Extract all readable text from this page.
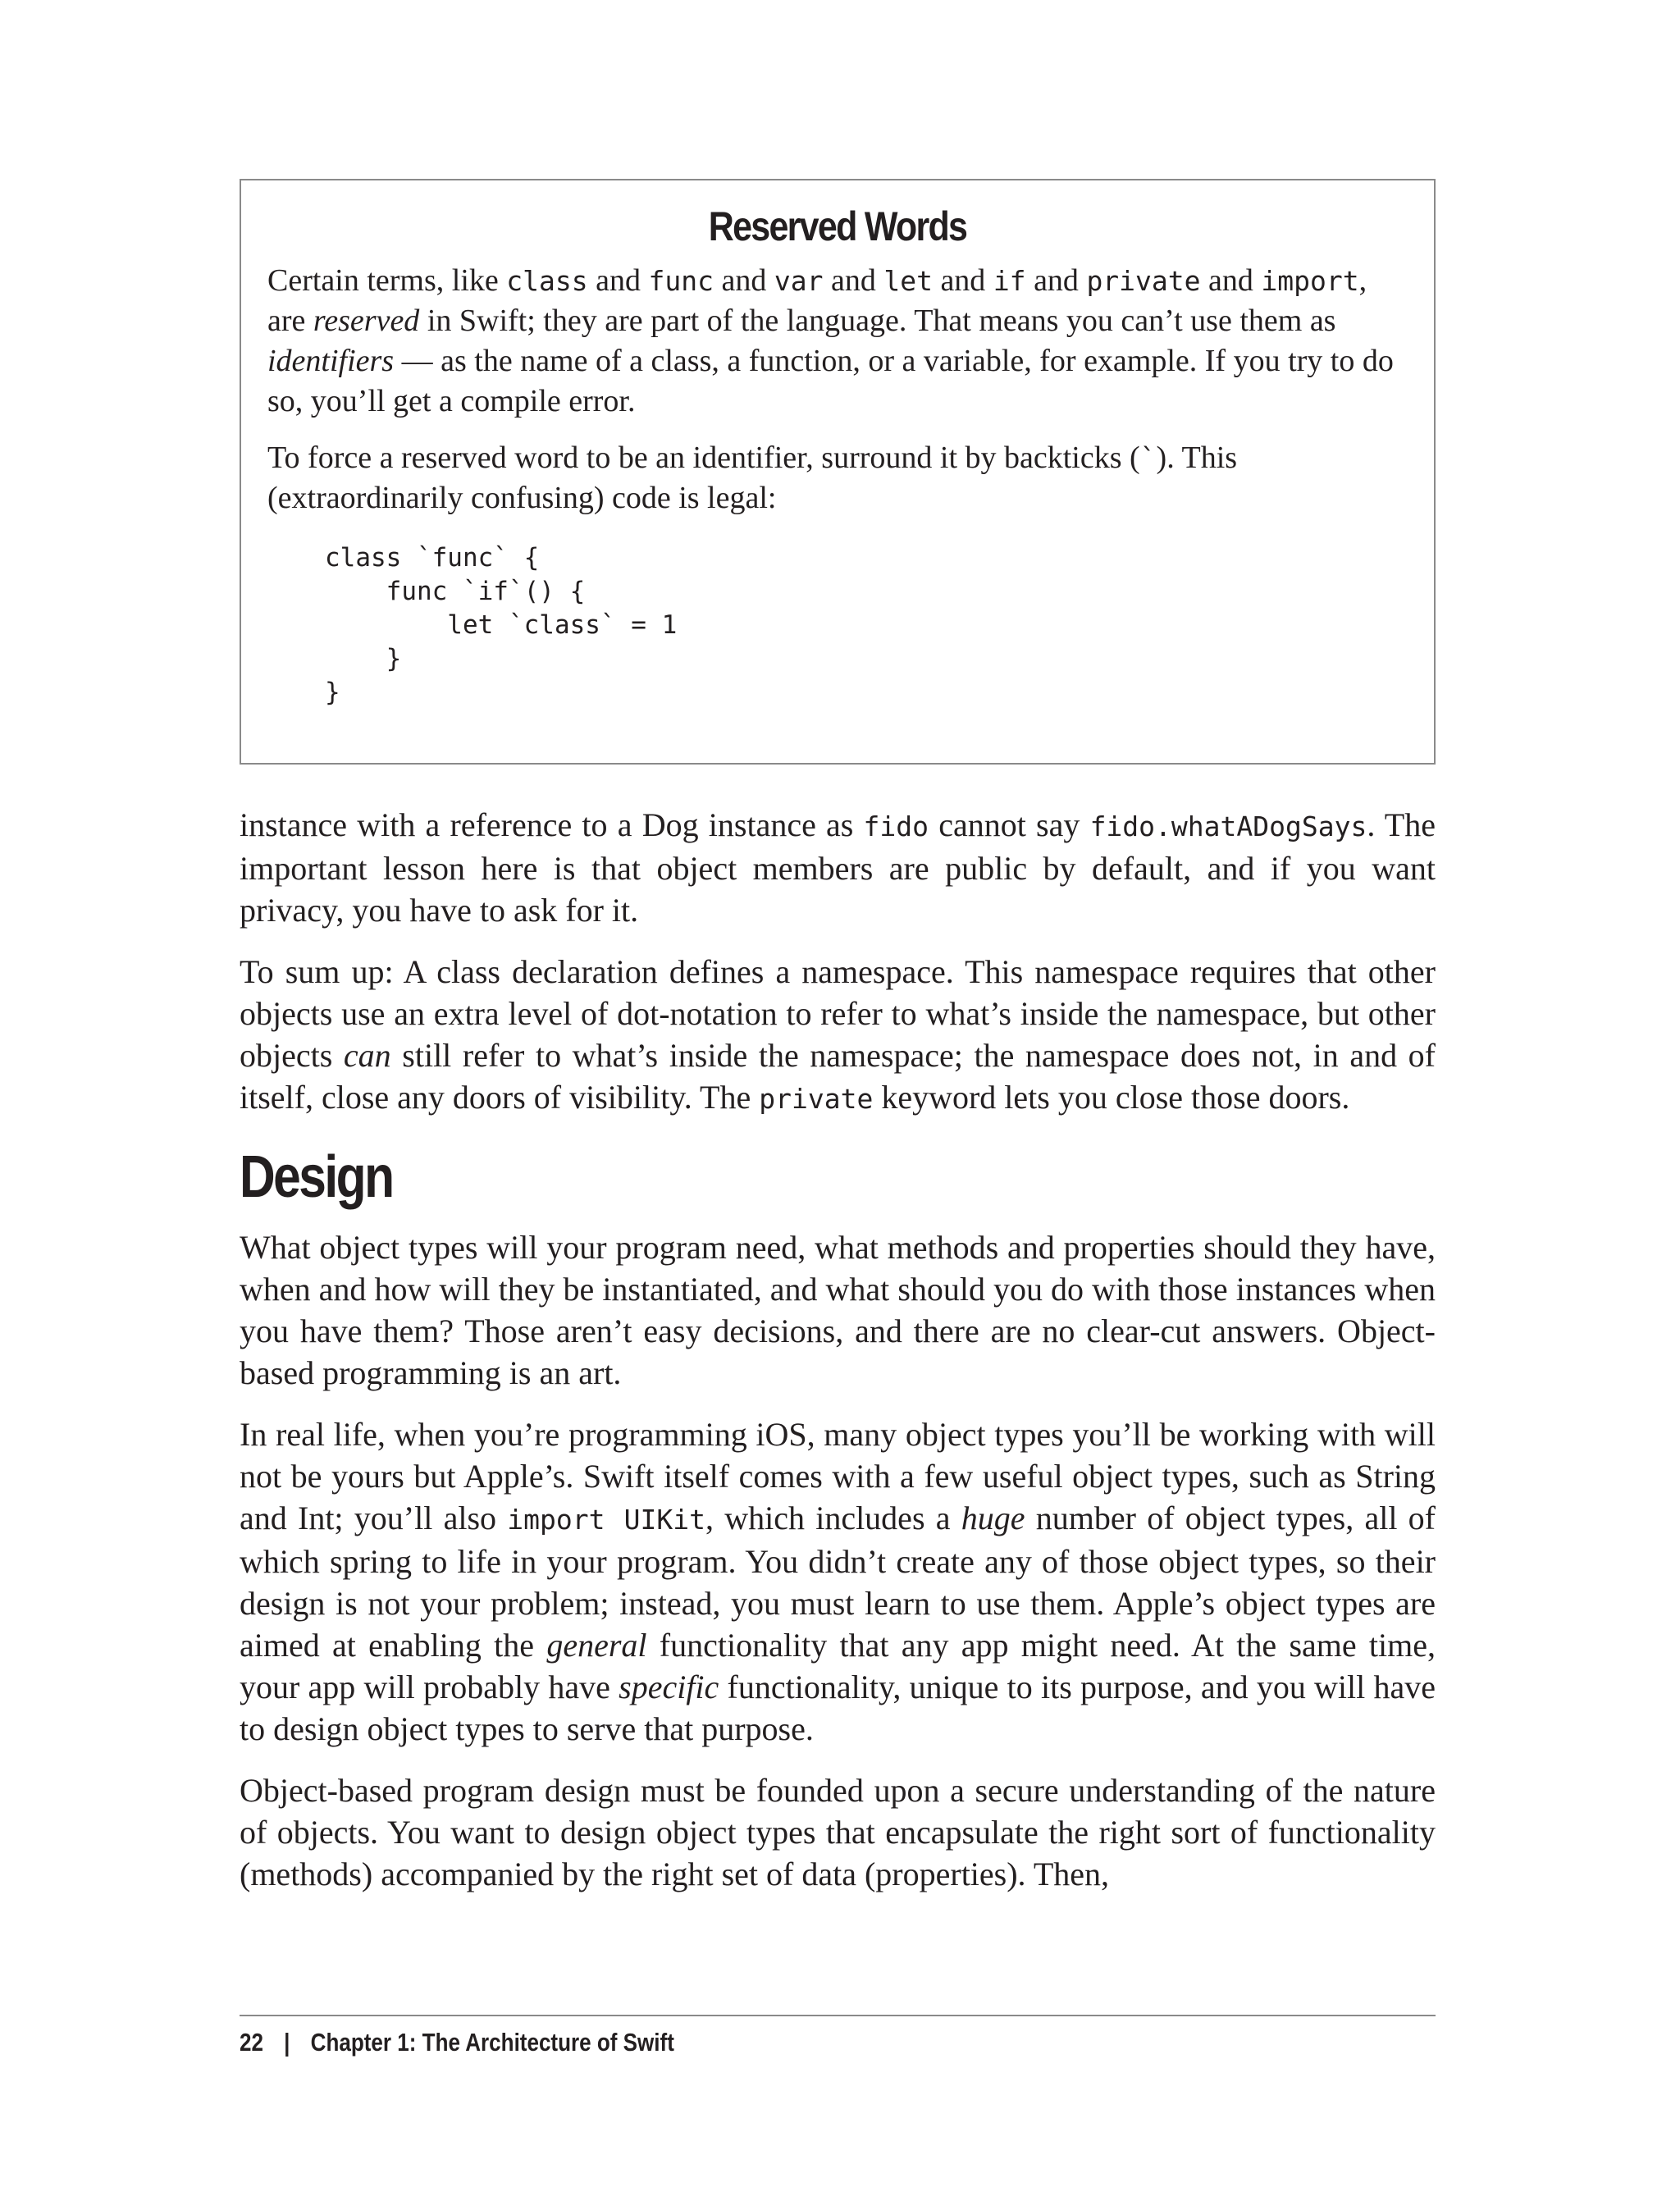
Reserved Words

Certain terms, like class and func and var and let and if and private and import, are reserved in Swift; they are part of the language. That means you can’t use them as identifiers — as the name of a class, a function, or a variable, for example. If you try to do so, you’ll get a compile error.

To force a reserved word to be an identifier, surround it by backticks (`). This (extraordinarily confusing) code is legal:

class `func` {
func `if`() {
let `class` = 1
}
}

instance with a reference to a Dog instance as fido cannot say fido.whatADogSays. The important lesson here is that object members are public by default, and if you want privacy, you have to ask for it.

To sum up: A class declaration defines a namespace. This namespace requires that other objects use an extra level of dot-notation to refer to what’s inside the namespace, but other objects can still refer to what’s inside the namespace; the namespace does not, in and of itself, close any doors of visibility. The private keyword lets you close those doors.

Design

What object types will your program need, what methods and properties should they have, when and how will they be instantiated, and what should you do with those instances when you have them? Those aren’t easy decisions, and there are no clear-cut answers. Object-based programming is an art.

In real life, when you’re programming iOS, many object types you’ll be working with will not be yours but Apple’s. Swift itself comes with a few useful object types, such as String and Int; you’ll also import UIKit, which includes a huge number of object types, all of which spring to life in your program. You didn’t create any of those object types, so their design is not your problem; instead, you must learn to use them. Apple’s object types are aimed at enabling the general functionality that any app might need. At the same time, your app will probably have specific functionality, unique to its purpose, and you will have to design object types to serve that purpose.

Object-based program design must be founded upon a secure understanding of the nature of objects. You want to design object types that encapsulate the right sort of functionality (methods) accompanied by the right set of data (properties). Then,

22 | Chapter 1: The Architecture of Swift
